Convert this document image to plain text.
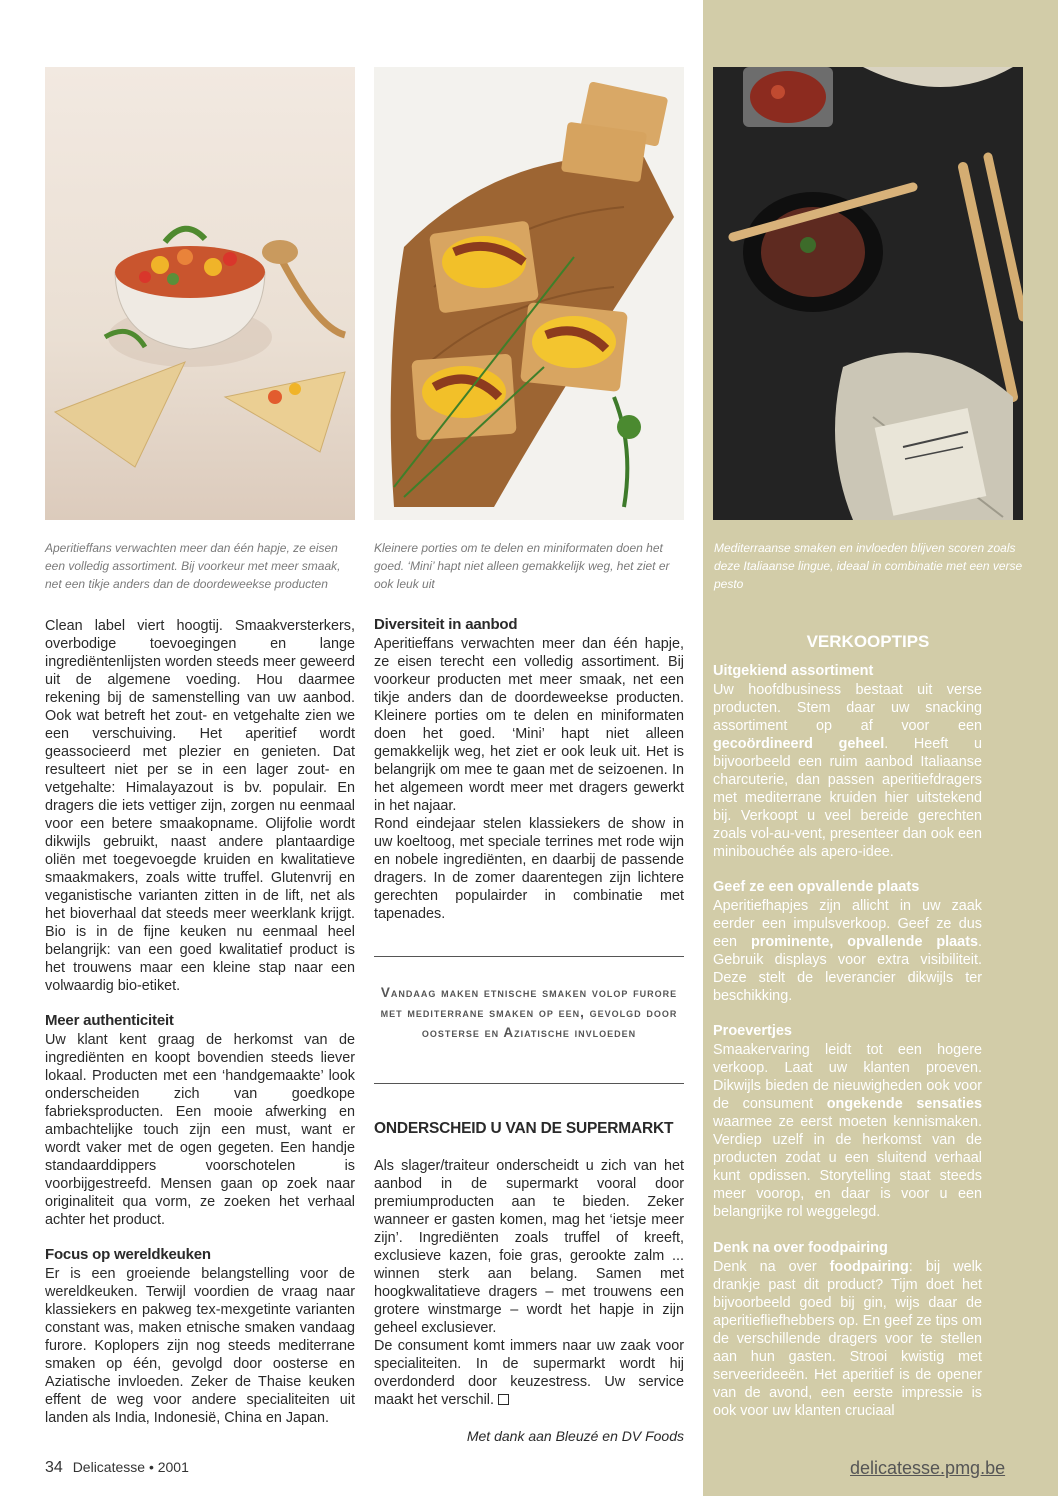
Aperitieffans verwachten meer dan één hapje, ze eisen een volledig assortiment. Bij voorkeur met meer smaak, net een tikje anders dan de doordeweekse producten
Kleinere porties om te delen en miniformaten doen het goed. ‘Mini’ hapt niet alleen gemakkelijk weg, het ziet er ook leuk uit
Mediterraanse smaken en invloeden blijven scoren zoals deze Italiaanse lingue, ideaal in combinatie met een verse pesto

Clean label viert hoogtij. Smaakversterkers, overbodige toevoegingen en lange ingrediëntenlijsten worden steeds meer geweerd uit de algemene voeding. Hou daarmee rekening bij de samenstelling van uw aanbod. Ook wat betreft het zout- en vetgehalte zien we een verschuiving. Het aperitief wordt geassocieerd met plezier en genieten. Dat resulteert niet per se in een lager zout- en vetgehalte: Himalayazout is bv. populair. En dragers die iets vettiger zijn, zorgen nu eenmaal voor een betere smaakopname. Olijfolie wordt dikwijls gebruikt, naast andere plantaardige oliën met toegevoegde kruiden en kwalitatieve smaakmakers, zoals witte truffel. Glutenvrij en veganistische varianten zitten in de lift, net als het bioverhaal dat steeds meer weerklank krijgt. Bio is in de fijne keuken nu eenmaal heel belangrijk: van een goed kwalitatief product is het trouwens maar een kleine stap naar een volwaardig bio-etiket.

Meer authenticiteit

Uw klant kent graag de herkomst van de ingrediënten en koopt bovendien steeds liever lokaal. Producten met een ‘handgemaakte’ look onderscheiden zich van goedkope fabrieksproducten. Een mooie afwerking en ambachtelijke touch zijn een must, want er wordt vaker met de ogen gegeten. Een handje standaarddippers voorschotelen is voorbijgestreefd. Mensen gaan op zoek naar originaliteit qua vorm, ze zoeken het verhaal achter het product.

Focus op wereldkeuken

Er is een groeiende belangstelling voor de wereldkeuken. Terwijl voordien de vraag naar klassiekers en pakweg tex-mexgetinte varianten constant was, maken etnische smaken vandaag furore. Koplopers zijn nog steeds mediterrane smaken op één, gevolgd door oosterse en Aziatische invloeden. Zeker de Thaise keuken effent de weg voor andere specialiteiten uit landen als India, Indonesië, China en Japan.

Diversiteit in aanbod

Aperitieffans verwachten meer dan één hapje, ze eisen terecht een volledig assortiment. Bij voorkeur producten met meer smaak, net een tikje anders dan de doordeweekse producten. Kleinere porties om te delen en miniformaten doen het goed. ‘Mini’ hapt niet alleen gemakkelijk weg, het ziet er ook leuk uit. Het is belangrijk om mee te gaan met de seizoenen. In het algemeen wordt meer met dragers gewerkt in het najaar.

Rond eindejaar stelen klassiekers de show in uw koeltoog, met speciale terrines met rode wijn en nobele ingrediënten, en daarbij de passende dragers. In de zomer daarentegen zijn lichtere gerechten populairder in combinatie met tapenades.

Vandaag maken etnische smaken volop furore met mediterrane smaken op een, gevolgd door oosterse en Aziatische invloeden
ONDERSCHEID U VAN DE SUPERMARKT

Als slager/traiteur onderscheidt u zich van het aanbod in de supermarkt vooral door premiumproducten aan te bieden. Zeker wanneer er gasten komen, mag het ‘ietsje meer zijn’. Ingrediënten zoals truffel of kreeft, exclusieve kazen, foie gras, gerookte zalm ... winnen sterk aan belang. Samen met hoogkwalitatieve dragers – met trouwens een grotere winstmarge – wordt het hapje in zijn geheel exclusiever.

De consument komt immers naar uw zaak voor specialiteiten. In de supermarkt wordt hij overdonderd door keuzestress. Uw service maakt het verschil.

Met dank aan Bleuzé en DV Foods
VERKOOPTIPS
Uitgekiend assortiment

Uw hoofdbusiness bestaat uit verse producten. Stem daar uw snacking assortiment op af voor een gecoördineerd geheel. Heeft u bijvoorbeeld een ruim aanbod Italiaanse charcuterie, dan passen aperitiefdragers met mediterrane kruiden hier uitstekend bij. Verkoopt u veel bereide gerechten zoals vol-au-vent, presenteer dan ook een minibouchée als apero-idee.

Geef ze een opvallende plaats

Aperitiefhapjes zijn allicht in uw zaak eerder een impulsverkoop. Geef ze dus een prominente, opvallende plaats. Gebruik displays voor extra visibiliteit. Deze stelt de leverancier dikwijls ter beschikking.

Proevertjes

Smaakervaring leidt tot een hogere verkoop. Laat uw klanten proeven. Dikwijls bieden de nieuwigheden ook voor de consument ongekende sensaties waarmee ze eerst moeten kennismaken. Verdiep uzelf in de herkomst van de producten zodat u een sluitend verhaal kunt opdissen. Storytelling staat steeds meer voorop, en daar is voor u een belangrijke rol weggelegd.

Denk na over foodpairing

Denk na over foodpairing: bij welk drankje past dit product? Tijm doet het bijvoorbeeld goed bij gin, wijs daar de aperitiefliefhebbers op. En geef ze tips om de verschillende dragers voor te stellen aan hun gasten. Strooi kwistig met serveerideeën. Het aperitief is de opener van de avond, een eerste impressie is ook voor uw klanten cruciaal

34 Delicatesse • 2001	delicatesse.pmg.be
